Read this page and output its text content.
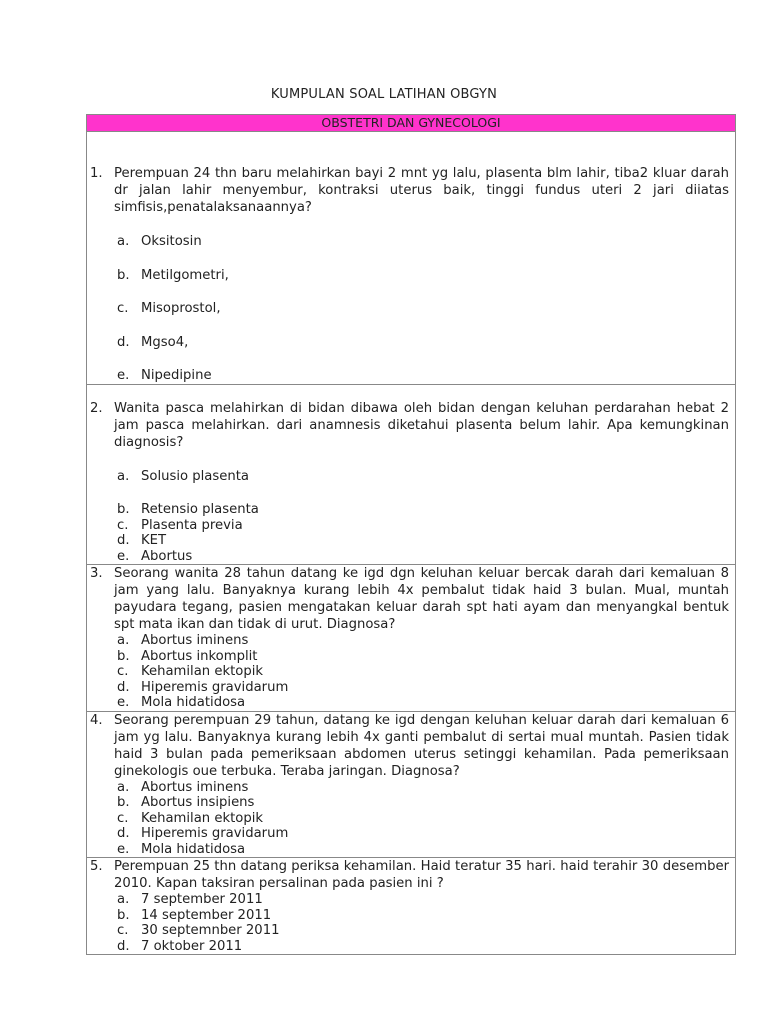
KUMPULAN SOAL LATIHAN OBGYN
OBSTETRI DAN GYNECOLOGI

1. Perempuan 24 thn baru melahirkan bayi 2 mnt yg lalu, plasenta blm lahir, tiba2 kluar darah dr jalan lahir menyembur, kontraksi uterus baik, tinggi fundus uteri 2 jari diiatas simfisis,penatalaksanaannya?
a. Oksitosin
b. Metilgometri,
c. Misoprostol,
d. Mgso4,
e. Nipedipine

2. Wanita pasca melahirkan di bidan dibawa oleh bidan dengan keluhan perdarahan hebat 2 jam pasca melahirkan. dari anamnesis diketahui plasenta belum lahir. Apa kemungkinan diagnosis?
a. Solusio plasenta
b. Retensio plasenta
c. Plasenta previa
d. KET
e. Abortus

3. Seorang wanita 28 tahun datang ke igd dgn keluhan keluar bercak darah dari kemaluan 8 jam yang lalu. Banyaknya kurang lebih 4x pembalut tidak haid 3 bulan. Mual, muntah payudara tegang, pasien mengatakan keluar darah spt hati ayam dan menyangkal bentuk spt mata ikan dan tidak di urut. Diagnosa?
a. Abortus iminens
b. Abortus inkomplit
c. Kehamilan ektopik
d. Hiperemis gravidarum
e. Mola hidatidosa

4. Seorang perempuan 29 tahun, datang ke igd dengan keluhan keluar darah dari kemaluan 6 jam yg lalu. Banyaknya kurang lebih 4x ganti pembalut di sertai mual muntah. Pasien tidak haid 3 bulan pada pemeriksaan abdomen uterus setinggi kehamilan. Pada pemeriksaan ginekologis oue terbuka. Teraba jaringan. Diagnosa?
a. Abortus iminens
b. Abortus insipiens
c. Kehamilan ektopik
d. Hiperemis gravidarum
e. Mola hidatidosa

5. Perempuan 25 thn datang periksa kehamilan. Haid teratur 35 hari. haid terahir 30 desember 2010. Kapan taksiran persalinan pada pasien ini ?
a. 7 september 2011
b. 14 september 2011
c. 30 septemnber 2011
d. 7 oktober 2011
